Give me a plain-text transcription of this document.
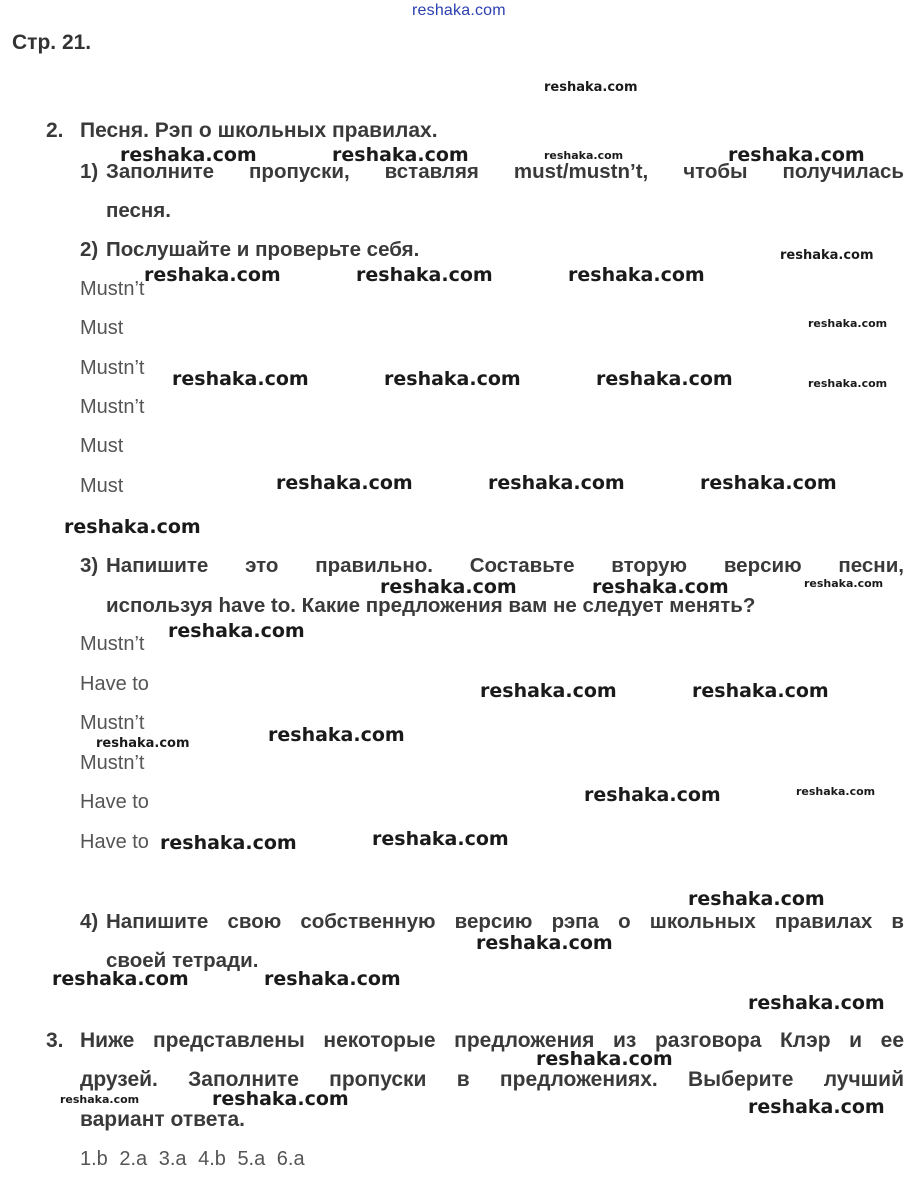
reshaka.com
Стр. 21.
2. Песня. Рэп о школьных правилах.
1) Заполните пропуски, вставляя must/mustn’t, чтобы получилась
песня.
2) Послушайте и проверьте себя.
Mustn’t
Must
Mustn’t
Mustn’t
Must
Must
3) Напишите это правильно. Составьте вторую версию песни,
используя have to. Какие предложения вам не следует менять?
Mustn’t
Have to
Mustn’t
Mustn’t
Have to
Have to
4) Напишите свою собственную версию рэпа о школьных правилах в
своей тетради.
3. Ниже представлены некоторые предложения из разговора Клэр и ее
друзей. Заполните пропуски в предложениях. Выберите лучший
вариант ответа.
1.b 2.a 3.a 4.b 5.a 6.a
reshaka.com
reshaka.com	reshaka.com	reshaka.com	reshaka.com
reshaka.com
reshaka.com	reshaka.com	reshaka.com
reshaka.com
reshaka.com	reshaka.com	reshaka.com	reshaka.com
reshaka.com	reshaka.com	reshaka.com
reshaka.com
reshaka.com	reshaka.com	reshaka.com
reshaka.com
reshaka.com	reshaka.com
reshaka.com
reshaka.com
reshaka.com	reshaka.com
reshaka.com
reshaka.com
reshaka.com
reshaka.com
reshaka.com	reshaka.com
reshaka.com
reshaka.com
reshaka.com	reshaka.com	reshaka.com
